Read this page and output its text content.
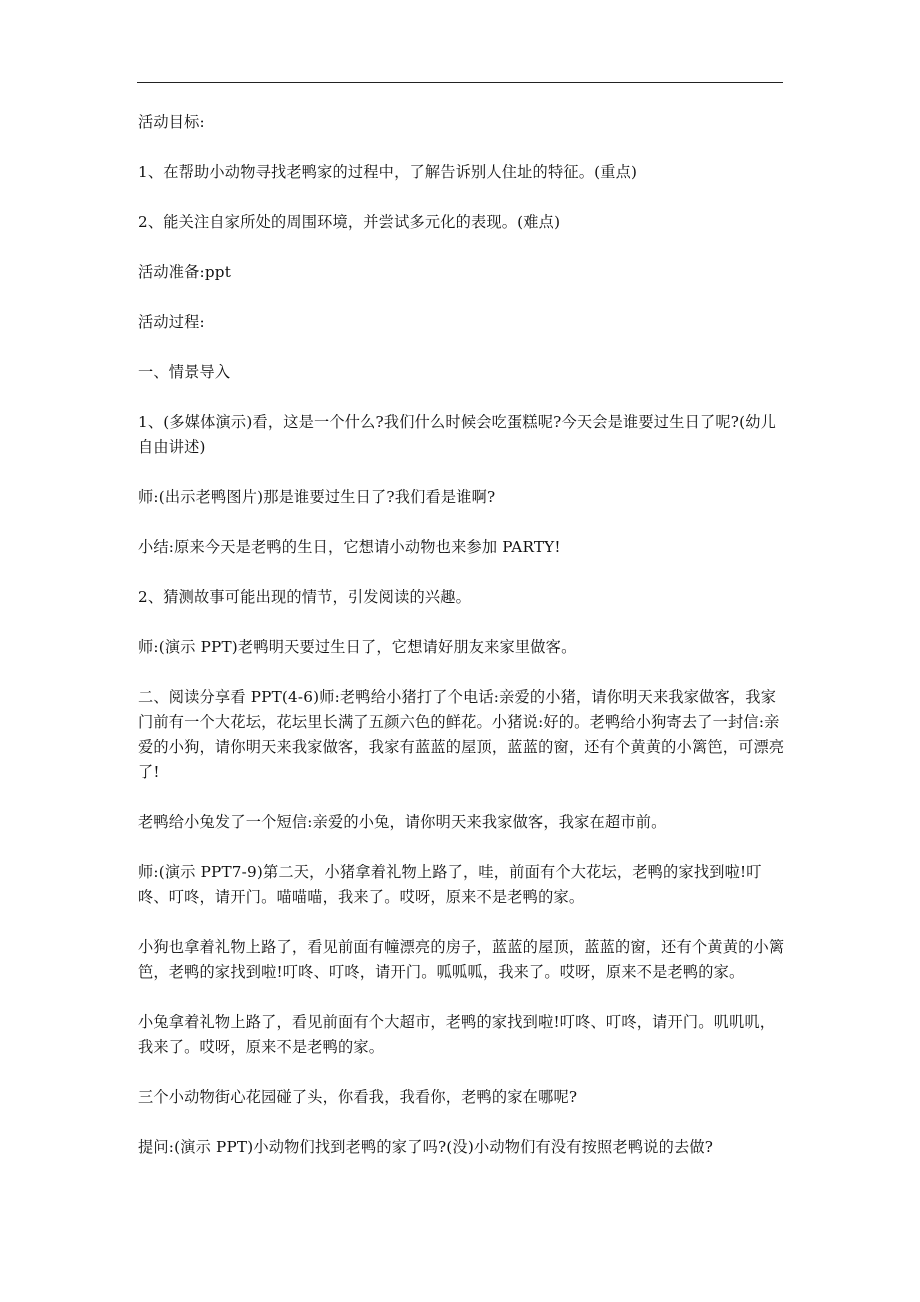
活动目标:

1、在帮助小动物寻找老鸭家的过程中，了解告诉别人住址的特征。(重点)

2、能关注自家所处的周围环境，并尝试多元化的表现。(难点)

活动准备:ppt

活动过程:

一、情景导入

1、(多媒体演示)看，这是一个什么?我们什么时候会吃蛋糕呢?今天会是谁要过生日了呢?(幼儿自由讲述)

师:(出示老鸭图片)那是谁要过生日了?我们看是谁啊?

小结:原来今天是老鸭的生日，它想请小动物也来参加 PARTY!

2、猜测故事可能出现的情节，引发阅读的兴趣。

师:(演示 PPT)老鸭明天要过生日了，它想请好朋友来家里做客。

二、阅读分享看 PPT(4-6)师:老鸭给小猪打了个电话:亲爱的小猪，请你明天来我家做客，我家门前有一个大花坛，花坛里长满了五颜六色的鲜花。小猪说:好的。老鸭给小狗寄去了一封信:亲爱的小狗，请你明天来我家做客，我家有蓝蓝的屋顶，蓝蓝的窗，还有个黄黄的小篱笆，可漂亮了!

老鸭给小兔发了一个短信:亲爱的小兔，请你明天来我家做客，我家在超市前。

师:(演示 PPT7-9)第二天，小猪拿着礼物上路了，哇，前面有个大花坛，老鸭的家找到啦!叮咚、叮咚，请开门。喵喵喵，我来了。哎呀，原来不是老鸭的家。

小狗也拿着礼物上路了，看见前面有幢漂亮的房子，蓝蓝的屋顶，蓝蓝的窗，还有个黄黄的小篱笆，老鸭的家找到啦!叮咚、叮咚，请开门。呱呱呱，我来了。哎呀，原来不是老鸭的家。

小兔拿着礼物上路了，看见前面有个大超市，老鸭的家找到啦!叮咚、叮咚，请开门。叽叽叽，我来了。哎呀，原来不是老鸭的家。

三个小动物街心花园碰了头，你看我，我看你，老鸭的家在哪呢?

提问:(演示 PPT)小动物们找到老鸭的家了吗?(没)小动物们有没有按照老鸭说的去做?
